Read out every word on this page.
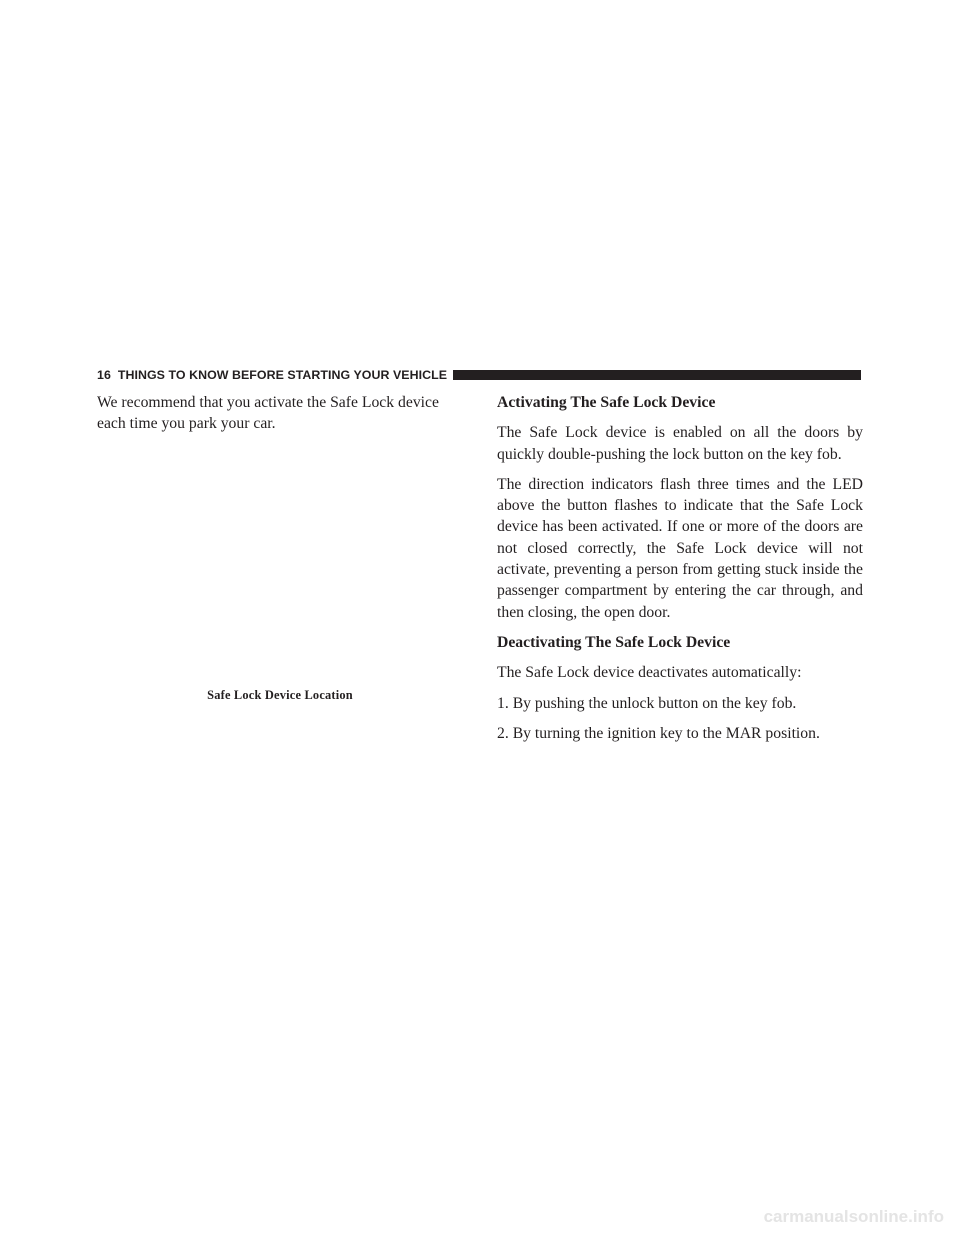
16 THINGS TO KNOW BEFORE STARTING YOUR VEHICLE

We recommend that you activate the Safe Lock device each time you park your car.

Safe Lock Device Location
Activating The Safe Lock Device

The Safe Lock device is enabled on all the doors by quickly double-pushing the lock button on the key fob.

The direction indicators flash three times and the LED above the button flashes to indicate that the Safe Lock device has been activated. If one or more of the doors are not closed correctly, the Safe Lock device will not activate, preventing a person from getting stuck inside the passenger compartment by entering the car through, and then closing, the open door.

Deactivating The Safe Lock Device

The Safe Lock device deactivates automatically:

1. By pushing the unlock button on the key fob.

2. By turning the ignition key to the MAR position.

carmanualsonline.info
